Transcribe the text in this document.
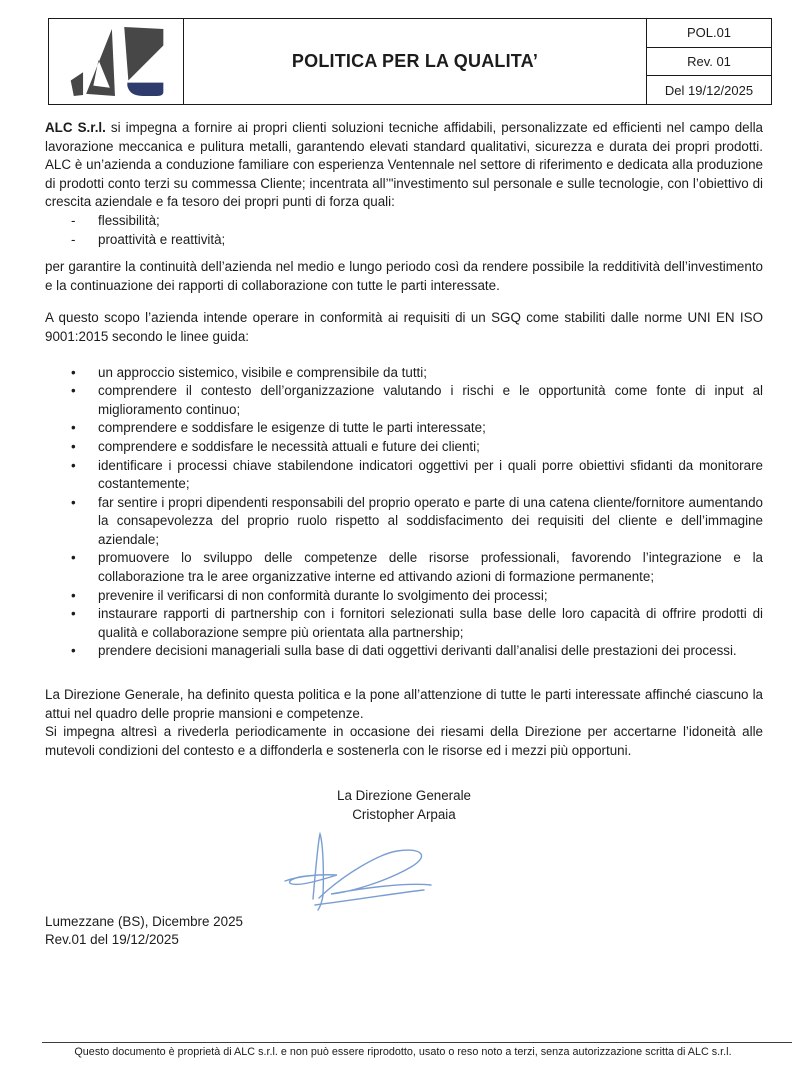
POLITICA PER LA QUALITA’
POL.01
Rev. 01
Del 19/12/2025

ALC S.r.l. si impegna a fornire ai propri clienti soluzioni tecniche affidabili, personalizzate ed efficienti nel campo della lavorazione meccanica e pulitura metalli, garantendo elevati standard qualitativi, sicurezza e durata dei propri prodotti. ALC è un’azienda a conduzione familiare con esperienza Ventennale nel settore di riferimento e dedicata alla produzione di prodotti conto terzi su commessa Cliente; incentrata all’"investimento sul personale e sulle tecnologie, con l’obiettivo di crescita aziendale e fa tesoro dei propri punti di forza quali:

- flessibilità;
- proattività e reattività;

per garantire la continuità dell’azienda nel medio e lungo periodo così da rendere possibile la redditività dell’investimento e la continuazione dei rapporti di collaborazione con tutte le parti interessate.

A questo scopo l’azienda intende operare in conformità ai requisiti di un SGQ come stabiliti dalle norme UNI EN ISO 9001:2015 secondo le linee guida:

• un approccio sistemico, visibile e comprensibile da tutti;
• comprendere il contesto dell’organizzazione valutando i rischi e le opportunità come fonte di input al miglioramento continuo;
• comprendere e soddisfare le esigenze di tutte le parti interessate;
• comprendere e soddisfare le necessità attuali e future dei clienti;
• identificare i processi chiave stabilendone indicatori oggettivi per i quali porre obiettivi sfidanti da monitorare costantemente;
• far sentire i propri dipendenti responsabili del proprio operato e parte di una catena cliente/fornitore aumentando la consapevolezza del proprio ruolo rispetto al soddisfacimento dei requisiti del cliente e dell’immagine aziendale;
• promuovere lo sviluppo delle competenze delle risorse professionali, favorendo l’integrazione e la collaborazione tra le aree organizzative interne ed attivando azioni di formazione permanente;
• prevenire il verificarsi di non conformità durante lo svolgimento dei processi;
• instaurare rapporti di partnership con i fornitori selezionati sulla base delle loro capacità di offrire prodotti di qualità e collaborazione sempre più orientata alla partnership;
• prendere decisioni manageriali sulla base di dati oggettivi derivanti dall’analisi delle prestazioni dei processi.

La Direzione Generale, ha definito questa politica e la pone all’attenzione di tutte le parti interessate affinché ciascuno la attui nel quadro delle proprie mansioni e competenze.

Si impegna altresì a rivederla periodicamente in occasione dei riesami della Direzione per accertarne l’idoneità alle mutevoli condizioni del contesto e a diffonderla e sostenerla con le risorse ed i mezzi più opportuni.

La Direzione Generale
Cristopher Arpaia
Lumezzane (BS), Dicembre 2025
Rev.01 del 19/12/2025
Questo documento è proprietà di ALC s.r.l. e non può essere riprodotto, usato o reso noto a terzi, senza autorizzazione scritta di ALC s.r.l.
